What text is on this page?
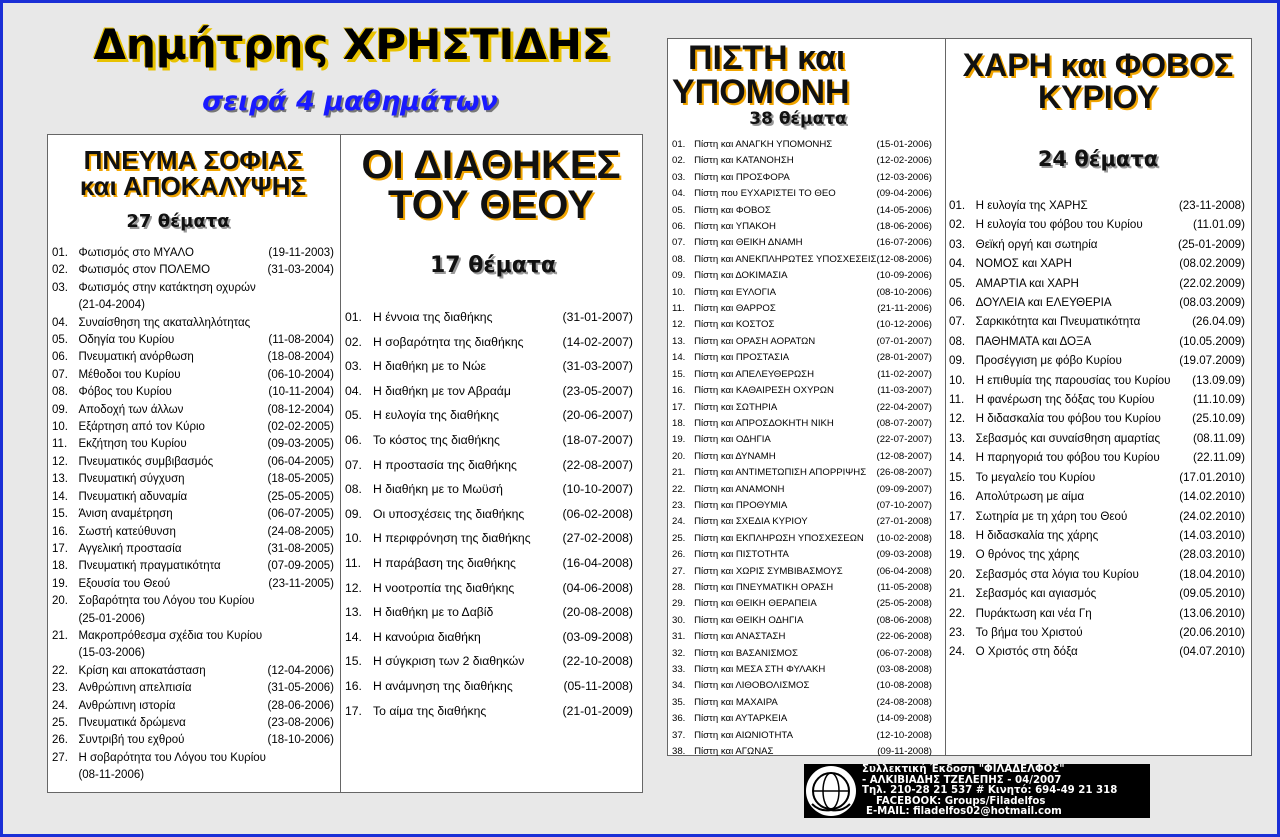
Δημήτρης ΧΡΗΣΤΙΔΗΣ
σειρά 4 μαθημάτων
ΠΝΕΥΜΑ ΣΟΦΙΑΣ
και ΑΠΟΚΑΛΥΨΗΣ
27 θέματα
01. Φωτισμός στο ΜΥΑΛΟ	(19-11-2003)
02. Φωτισμός στον ΠΟΛΕΜΟ	(31-03-2004)
03. Φωτισμός στην κατάκτηση οχυρών
(21-04-2004)
04. Συναίσθηση της ακαταλληλότητας
05. Οδηγία του Κυρίου	(11-08-2004)
06. Πνευματική ανόρθωση	(18-08-2004)
07. Μέθοδοι του Κυρίου	(06-10-2004)
08. Φόβος του Κυρίου	(10-11-2004)
09. Αποδοχή των άλλων	(08-12-2004)
10. Εξάρτηση από τον Κύριο	(02-02-2005)
11. Εκζήτηση του Κυρίου	(09-03-2005)
12. Πνευματικός συμβιβασμός	(06-04-2005)
13. Πνευματική σύγχυση	(18-05-2005)
14. Πνευματική αδυναμία	(25-05-2005)
15. Άνιση αναμέτρηση	(06-07-2005)
16. Σωστή κατεύθυνση	(24-08-2005)
17. Αγγελική προστασία	(31-08-2005)
18. Πνευματική πραγματικότητα	(07-09-2005)
19. Εξουσία του Θεού	(23-11-2005)
20. Σοβαρότητα του Λόγου του Κυρίου
(25-01-2006)
21. Μακροπρόθεσμα σχέδια του Κυρίου
(15-03-2006)
22. Κρίση και αποκατάσταση	(12-04-2006)
23. Ανθρώπινη απελπισία	(31-05-2006)
24. Ανθρώπινη ιστορία	(28-06-2006)
25. Πνευματικά δρώμενα	(23-08-2006)
26. Συντριβή του εχθρού	(18-10-2006)
27. Η σοβαρότητα του Λόγου του Κυρίου
(08-11-2006)
ΟΙ ΔΙΑΘΗΚΕΣ
ΤΟΥ ΘΕΟΥ
17 θέματα
01. Η έννοια της διαθήκης	(31-01-2007)
02. Η σοβαρότητα της διαθήκης	(14-02-2007)
03. Η διαθήκη με το Νώε	(31-03-2007)
04. Η διαθήκη με τον Αβραάμ	(23-05-2007)
05. Η ευλογία της διαθήκης	(20-06-2007)
06. Το κόστος της διαθήκης	(18-07-2007)
07. Η προστασία της διαθήκης	(22-08-2007)
08. Η διαθήκη με το Μωϋσή	(10-10-2007)
09. Οι υποσχέσεις της διαθήκης	(06-02-2008)
10. Η περιφρόνηση της διαθήκης	(27-02-2008)
11. Η παράβαση της διαθήκης	(16-04-2008)
12. Η νοοτροπία της διαθήκης	(04-06-2008)
13. Η διαθήκη με το Δαβίδ	(20-08-2008)
14. Η κανούρια διαθήκη	(03-09-2008)
15. Η σύγκριση των 2 διαθηκών	(22-10-2008)
16. Η ανάμνηση της διαθήκης	(05-11-2008)
17. Το αίμα της διαθήκης	(21-01-2009)
ΠΙΣΤΗ και
ΥΠΟΜΟΝΗ
38 θέματα
01. Πίστη και ΑΝΑΓΚΗ ΥΠΟΜΟΝΗΣ	(15-01-2006)
02. Πίστη και ΚΑΤΑΝΟΗΣΗ	(12-02-2006)
03. Πίστη και ΠΡΟΣΦΟΡΑ	(12-03-2006)
04. Πίστη που ΕΥΧΑΡΙΣΤΕΙ ΤΟ ΘΕΟ	(09-04-2006)
05. Πίστη και ΦΟΒΟΣ	(14-05-2006)
06. Πίστη και ΥΠΑΚΟΗ	(18-06-2006)
07. Πίστη και ΘΕΙΚΗ ΔΝΑΜΗ	(16-07-2006)
08. Πίστη και ΑΝΕΚΠΛΗΡΩΤΕΣ ΥΠΟΣΧΕΣΕΙΣ (12-08-2006)
09. Πίστη και ΔΟΚΙΜΑΣΙΑ	(10-09-2006)
10. Πίστη και ΕΥΛΟΓΙΑ	(08-10-2006)
11. Πίστη και ΘΑΡΡΟΣ	(21-11-2006)
12. Πίστη και ΚΟΣΤΟΣ	(10-12-2006)
13. Πίστη και ΟΡΑΣΗ ΑΟΡΑΤΩΝ	(07-01-2007)
14. Πίστη και ΠΡΟΣΤΑΣΙΑ	(28-01-2007)
15. Πίστη και ΑΠΕΛΕΥΘΕΡΩΣΗ	(11-02-2007)
16. Πίστη και ΚΑΘΑΙΡΕΣΗ ΟΧΥΡΩΝ	(11-03-2007)
17. Πίστη και ΣΩΤΗΡΙΑ	(22-04-2007)
18. Πίστη και ΑΠΡΟΣΔΟΚΗΤΗ ΝΙΚΗ	(08-07-2007)
19. Πίστη και ΟΔΗΓΙΑ	(22-07-2007)
20. Πίστη και ΔΥΝΑΜΗ	(12-08-2007)
21. Πίστη και ΑΝΤΙΜΕΤΩΠΙΣΗ ΑΠΟΡΡΙΨΗΣ (26-08-2007)
22. Πίστη και ΑΝΑΜΟΝΗ	(09-09-2007)
23. Πίστη και ΠΡΟΘΥΜΙΑ	(07-10-2007)
24. Πίστη και ΣΧΕΔΙΑ ΚΥΡΙΟΥ	(27-01-2008)
25. Πίστη και ΕΚΠΛΗΡΩΣΗ ΥΠΟΣΧΕΣΕΩΝ (10-02-2008)
26. Πίστη και ΠΙΣΤΟΤΗΤΑ	(09-03-2008)
27. Πίστη και ΧΩΡΙΣ ΣΥΜΒΙΒΑΣΜΟΥΣ	(06-04-2008)
28. Πίστη και ΠΝΕΥΜΑΤΙΚΗ ΟΡΑΣΗ	(11-05-2008)
29. Πίστη και ΘΕΙΚΗ ΘΕΡΑΠΕΙΑ	(25-05-2008)
30. Πίστη και ΘΕΙΚΗ ΟΔΗΓΙΑ	(08-06-2008)
31. Πίστη και ΑΝΑΣΤΑΣΗ	(22-06-2008)
32. Πίστη και ΒΑΣΑΝΙΣΜΟΣ	(06-07-2008)
33. Πίστη και ΜΕΣΑ ΣΤΗ ΦΥΛΑΚΗ	(03-08-2008)
34. Πίστη και ΛΙΘΟΒΟΛΙΣΜΟΣ	(10-08-2008)
35. Πίστη και ΜΑΧΑΙΡΑ	(24-08-2008)
36. Πίστη και ΑΥΤΑΡΚΕΙΑ	(14-09-2008)
37. Πίστη και ΑΙΩΝΙΟΤΗΤΑ	(12-10-2008)
38. Πίστη και ΑΓΩΝΑΣ	(09-11-2008)
ΧΑΡΗ και ΦΟΒΟΣ
ΚΥΡΙΟΥ
24 θέματα
01. Η ευλογία της ΧΑΡΗΣ	(23-11-2008)
02. Η ευλογία του φόβου του Κυρίου	(11.01.09)
03. Θεϊκή οργή και σωτηρία	(25-01-2009)
04. ΝΟΜΟΣ και ΧΑΡΗ	(08.02.2009)
05. ΑΜΑΡΤΙΑ και ΧΑΡΗ	(22.02.2009)
06. ΔΟΥΛΕΙΑ και ΕΛΕΥΘΕΡΙΑ	(08.03.2009)
07. Σαρκικότητα και Πνευματικότητα	(26.04.09)
08. ΠΑΘΗΜΑΤΑ και ΔΟΞΑ	(10.05.2009)
09. Προσέγγιση με φόβο Κυρίου	(19.07.2009)
10. Η επιθυμία της παρουσίας του Κυρίου (13.09.09)
11. Η φανέρωση της δόξας του Κυρίου	(11.10.09)
12. Η διδασκαλία του φόβου του Κυρίου	(25.10.09)
13. Σεβασμός και συναίσθηση αμαρτίας	(08.11.09)
14. Η παρηγοριά του φόβου του Κυρίου	(22.11.09)
15. Το μεγαλείο του Κυρίου	(17.01.2010)
16. Απολύτρωση με αίμα	(14.02.2010)
17. Σωτηρία με τη χάρη του Θεού	(24.02.2010)
18. Η διδασκαλία της χάρης	(14.03.2010)
19. Ο θρόνος της χάρης	(28.03.2010)
20. Σεβασμός στα λόγια του Κυρίου	(18.04.2010)
21. Σεβασμός και αγιασμός	(09.05.2010)
22. Πυράκτωση και νέα Γη	(13.06.2010)
23. Το βήμα του Χριστού	(20.06.2010)
24. Ο Χριστός στη δόξα	(04.07.2010)
Συλλεκτική Έκδοση "ΦΙΛΑΔΕΛΦΟΣ"
- ΑΛΚΙΒΙΑΔΗΣ ΤΖΕΛΕΠΗΣ - 04/2007
Τηλ. 210-28 21 537 # Κινητό: 694-49 21 318
FACEBOOK: Groups/Filadelfos
E-MAIL: filadelfos02@hotmail.com
